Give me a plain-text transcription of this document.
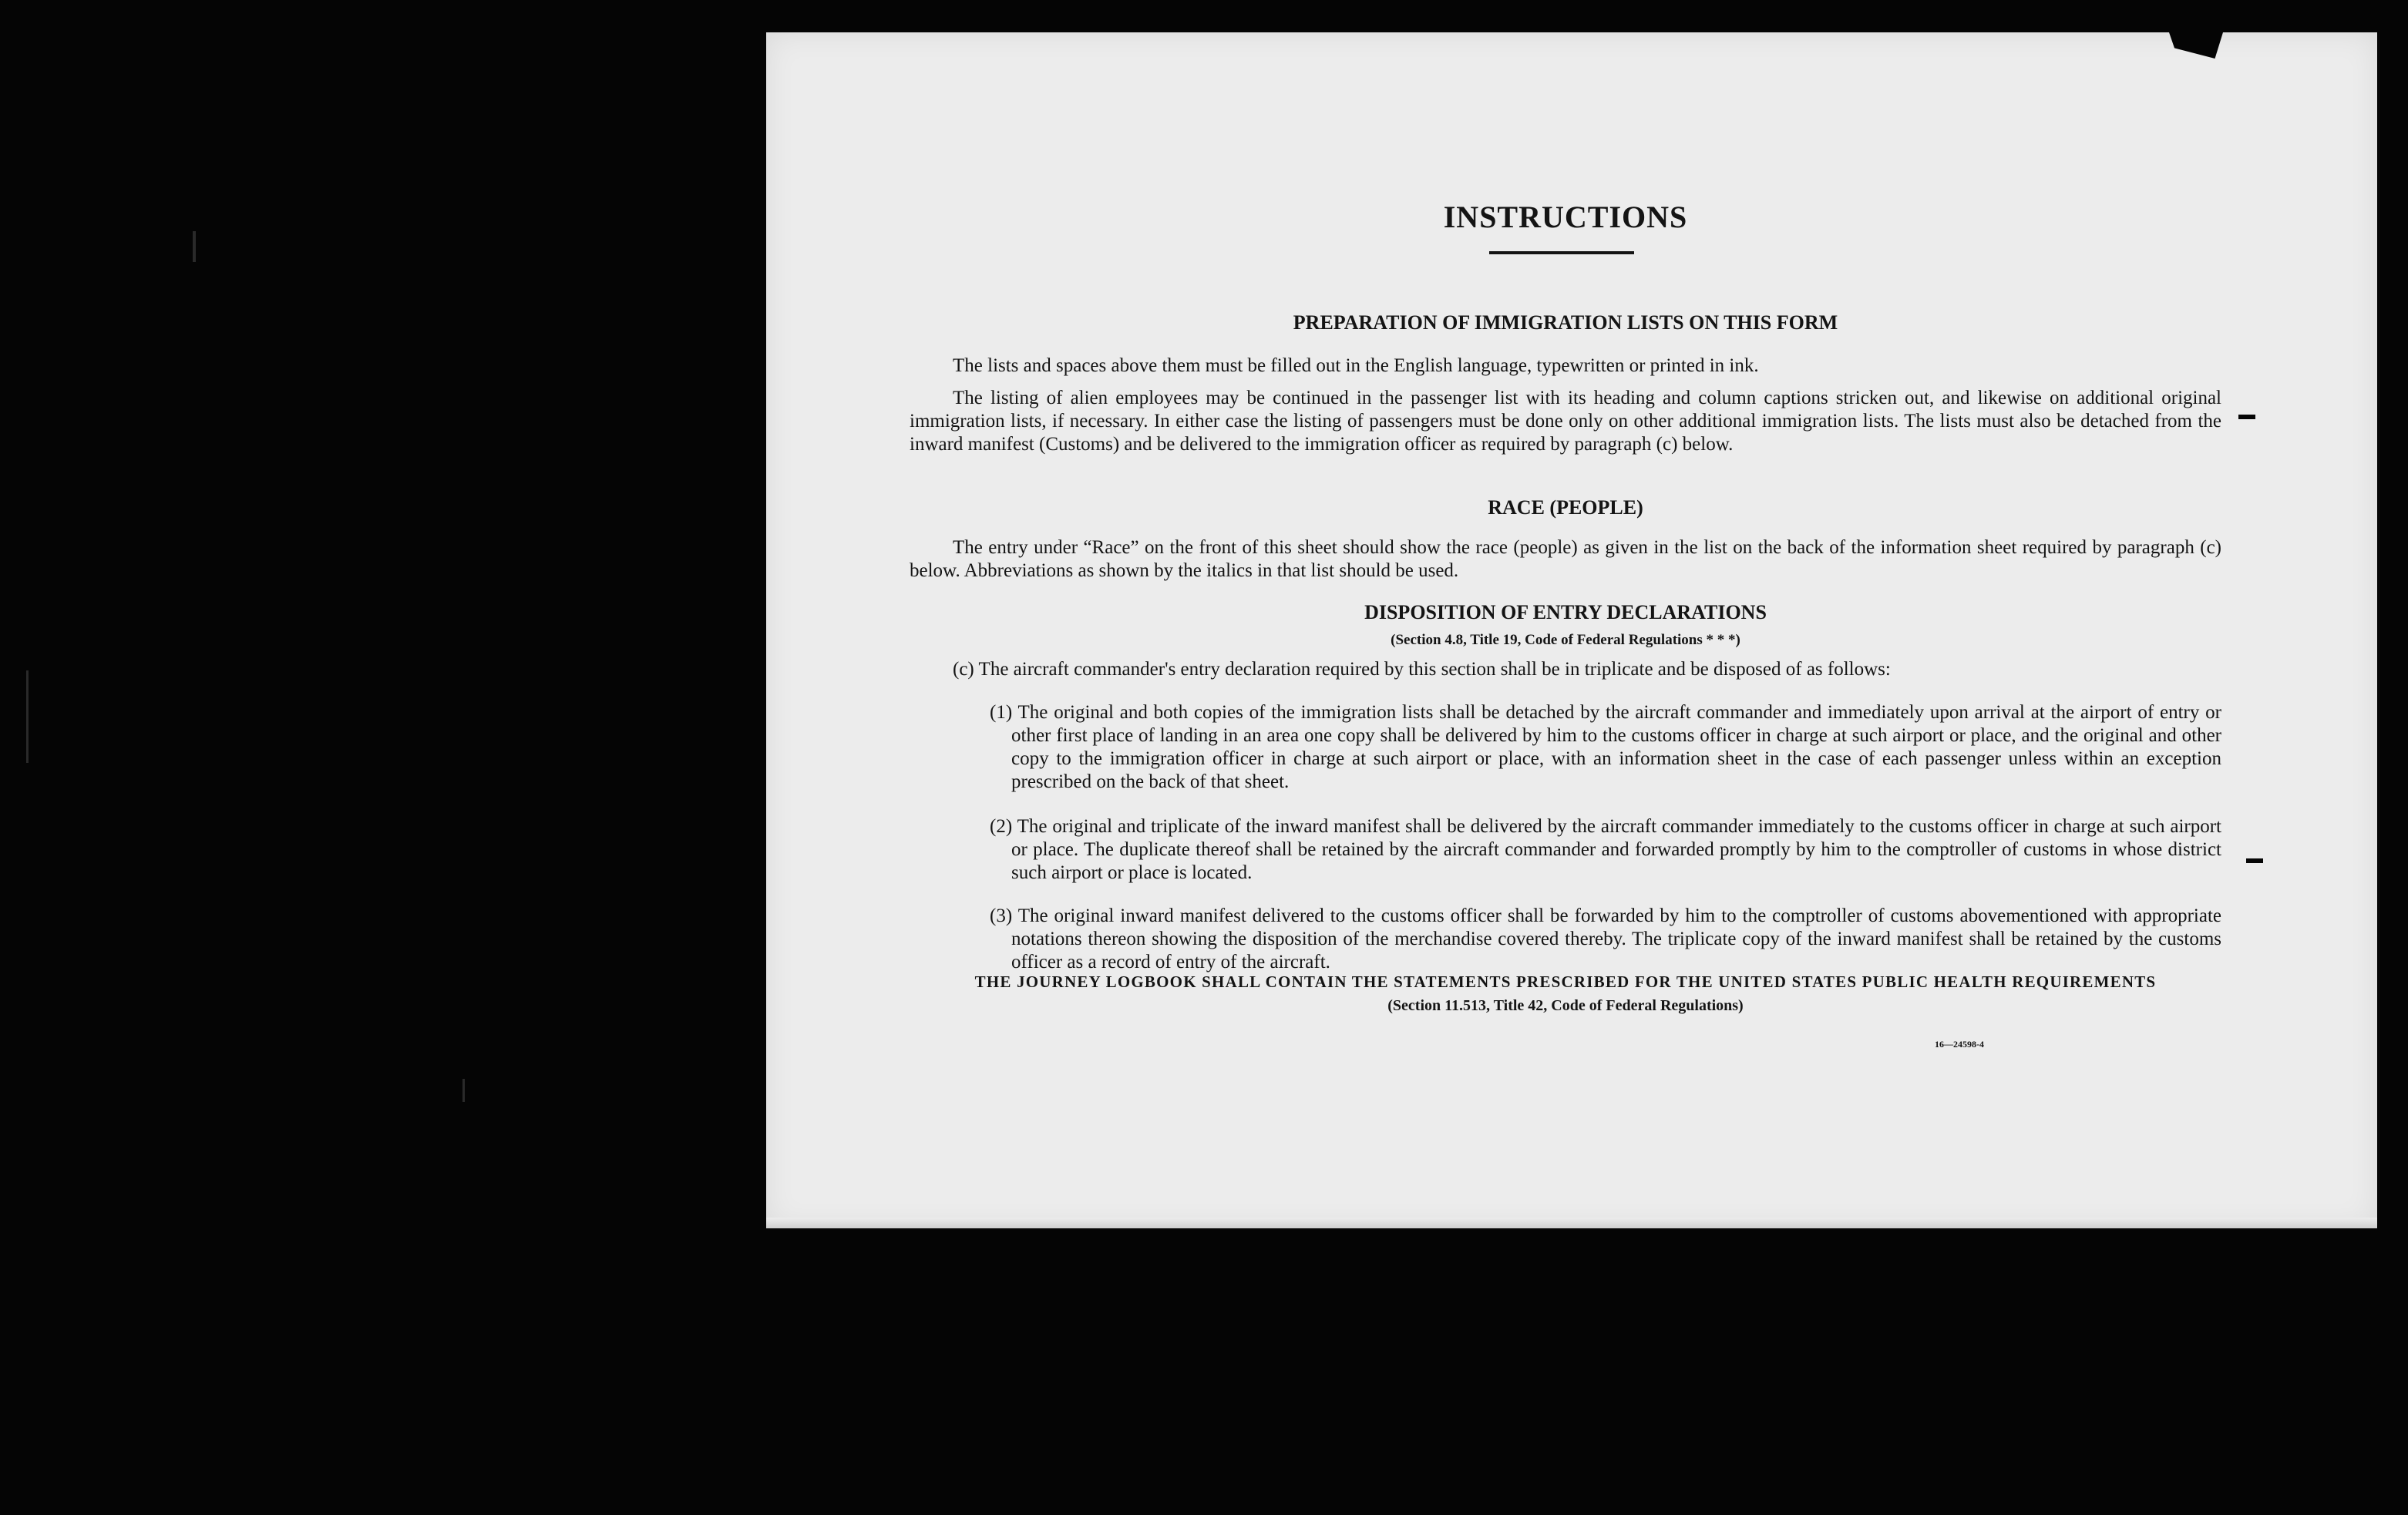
INSTRUCTIONS
PREPARATION OF IMMIGRATION LISTS ON THIS FORM
The lists and spaces above them must be filled out in the English language, typewritten or printed in ink.
The listing of alien employees may be continued in the passenger list with its heading and column captions stricken out, and likewise on additional original immigration lists, if necessary. In either case the listing of passengers must be done only on other additional immigration lists. The lists must also be detached from the inward manifest (Customs) and be delivered to the immigration officer as required by paragraph (c) below.
RACE (PEOPLE)
The entry under “Race” on the front of this sheet should show the race (people) as given in the list on the back of the information sheet required by paragraph (c) below. Abbreviations as shown by the italics in that list should be used.
DISPOSITION OF ENTRY DECLARATIONS
(Section 4.8, Title 19, Code of Federal Regulations * * *)
(c) The aircraft commander's entry declaration required by this section shall be in triplicate and be disposed of as follows:
(1) The original and both copies of the immigration lists shall be detached by the aircraft commander and immediately upon arrival at the airport of entry or other first place of landing in an area one copy shall be delivered by him to the customs officer in charge at such airport or place, and the original and other copy to the immigration officer in charge at such airport or place, with an information sheet in the case of each passenger unless within an exception prescribed on the back of that sheet.
(2) The original and triplicate of the inward manifest shall be delivered by the aircraft commander immediately to the customs officer in charge at such airport or place. The duplicate thereof shall be retained by the aircraft commander and forwarded promptly by him to the comptroller of customs in whose district such airport or place is located.
(3) The original inward manifest delivered to the customs officer shall be forwarded by him to the comptroller of customs abovementioned with appropriate notations thereon showing the disposition of the merchandise covered thereby. The triplicate copy of the inward manifest shall be retained by the customs officer as a record of entry of the aircraft.
THE JOURNEY LOGBOOK SHALL CONTAIN THE STATEMENTS PRESCRIBED FOR THE UNITED STATES PUBLIC HEALTH REQUIREMENTS
(Section 11.513, Title 42, Code of Federal Regulations)
16—24598-4
